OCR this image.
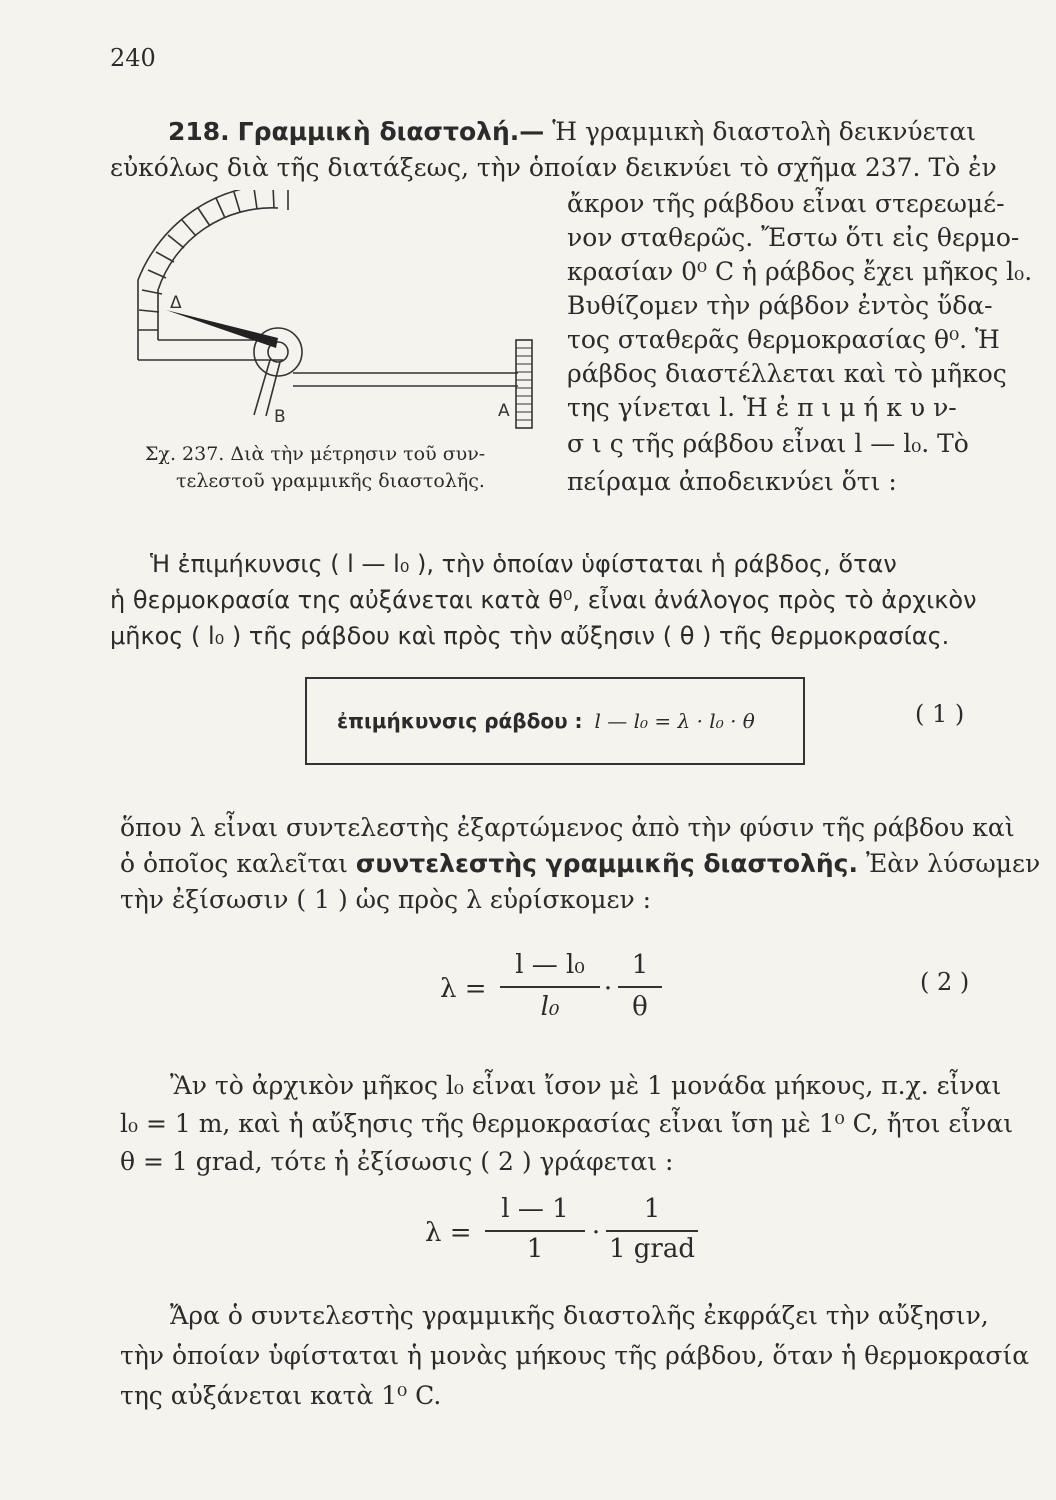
240
218. Γραμμικὴ διαστολή.— Ἡ γραμμικὴ διαστολὴ δεικνύεται
εὐκόλως διὰ τῆς διατάξεως, τὴν ὁποίαν δεικνύει τὸ σχῆμα 237. Τὸ ἐν
ἄκρον τῆς ράβδου εἶναι στερεωμέ-
νον σταθερῶς. Ἔστω ὅτι εἰς θερμο-
κρασίαν 0⁰ C ἡ ράβδος ἔχει μῆκος l₀.
Βυθίζομεν τὴν ράβδον ἐντὸς ὕδα-
τος σταθερᾶς θερμοκρασίας θ⁰. Ἡ
ράβδος διαστέλλεται καὶ τὸ μῆκος
της γίνεται l. Ἡ ἐ π ι μ ή κ υ ν-
σ ι ς τῆς ράβδου εἶναι l — l₀. Τὸ
πείραμα ἀποδεικνύει ὅτι :
Δ
B	A
Σχ. 237. Διὰ τὴν μέτρησιν τοῦ συν-
τελεστοῦ γραμμικῆς διαστολῆς.
Ἡ ἐπιμήκυνσις ( l — l₀ ), τὴν ὁποίαν ὑφίσταται ἡ ράβδος, ὅταν
ἡ θερμοκρασία της αὐξάνεται κατὰ θ⁰, εἶναι ἀνάλογος πρὸς τὸ ἀρχικὸν
μῆκος ( l₀ ) τῆς ράβδου καὶ πρὸς τὴν αὔξησιν ( θ ) τῆς θερμοκρασίας.
ἐπιμήκυνσις ράβδου : l — l₀ = λ · l₀ · θ	( 1 )
ὅπου λ εἶναι συντελεστὴς ἐξαρτώμενος ἀπὸ τὴν φύσιν τῆς ράβδου καὶ
ὁ ὁποῖος καλεῖται συντελεστὴς γραμμικῆς διαστολῆς. Ἐὰν λύσωμεν
τὴν ἐξίσωσιν ( 1 ) ὡς πρὸς λ εὑρίσκομεν :
λ =
l — l₀
l₀
·
1
θ
( 2 )
Ἂν τὸ ἀρχικὸν μῆκος l₀ εἶναι ἴσον μὲ 1 μονάδα μήκους, π.χ. εἶναι
l₀ = 1 m, καὶ ἡ αὔξησις τῆς θερμοκρασίας εἶναι ἴση μὲ 1⁰ C, ἤτοι εἶναι
θ = 1 grad, τότε ἡ ἐξίσωσις ( 2 ) γράφεται :
λ =
l — 1
1
·
1
1 grad
Ἄρα ὁ συντελεστὴς γραμμικῆς διαστολῆς ἐκφράζει τὴν αὔξησιν,
τὴν ὁποίαν ὑφίσταται ἡ μονὰς μήκους τῆς ράβδου, ὅταν ἡ θερμοκρασία
της αὐξάνεται κατὰ 1⁰ C.
